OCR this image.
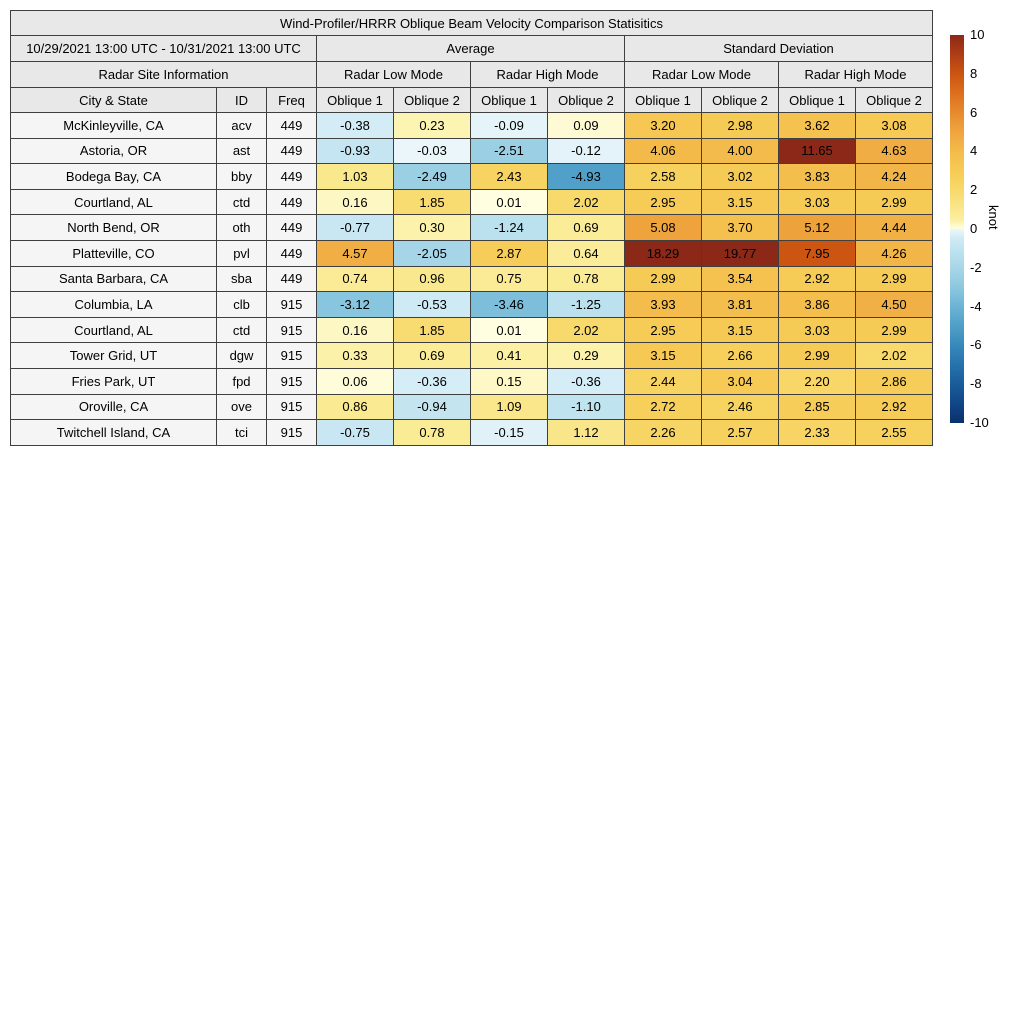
Wind-Profiler/HRRR Oblique Beam Velocity Comparison Statisitics										
10/29/2021 13:00 UTC - 10/31/2021 13:00 UTC			Average				Standard Deviation			
Radar Site Information			Radar Low Mode		Radar High Mode		Radar Low Mode		Radar High Mode	
City & State	ID	Freq	Oblique 1	Oblique 2	Oblique 1	Oblique 2	Oblique 1	Oblique 2	Oblique 1	Oblique 2
McKinleyville, CA	acv	449	-0.38	0.23	-0.09	0.09	3.20	2.98	3.62	3.08
Astoria, OR	ast	449	-0.93	-0.03	-2.51	-0.12	4.06	4.00	11.65	4.63
Bodega Bay, CA	bby	449	1.03	-2.49	2.43	-4.93	2.58	3.02	3.83	4.24
Courtland, AL	ctd	449	0.16	1.85	0.01	2.02	2.95	3.15	3.03	2.99
North Bend, OR	oth	449	-0.77	0.30	-1.24	0.69	5.08	3.70	5.12	4.44
Platteville, CO	pvl	449	4.57	-2.05	2.87	0.64	18.29	19.77	7.95	4.26
Santa Barbara, CA	sba	449	0.74	0.96	0.75	0.78	2.99	3.54	2.92	2.99
Columbia, LA	clb	915	-3.12	-0.53	-3.46	-1.25	3.93	3.81	3.86	4.50
Courtland, AL	ctd	915	0.16	1.85	0.01	2.02	2.95	3.15	3.03	2.99
Tower Grid, UT	dgw	915	0.33	0.69	0.41	0.29	3.15	2.66	2.99	2.02
Fries Park, UT	fpd	915	0.06	-0.36	0.15	-0.36	2.44	3.04	2.20	2.86
Oroville, CA	ove	915	0.86	-0.94	1.09	-1.10	2.72	2.46	2.85	2.92
Twitchell Island, CA	tci	915	-0.75	0.78	-0.15	1.12	2.26	2.57	2.33	2.55
10
8
6
4
2
0
-2
-4
-6
-8
-10
knot
